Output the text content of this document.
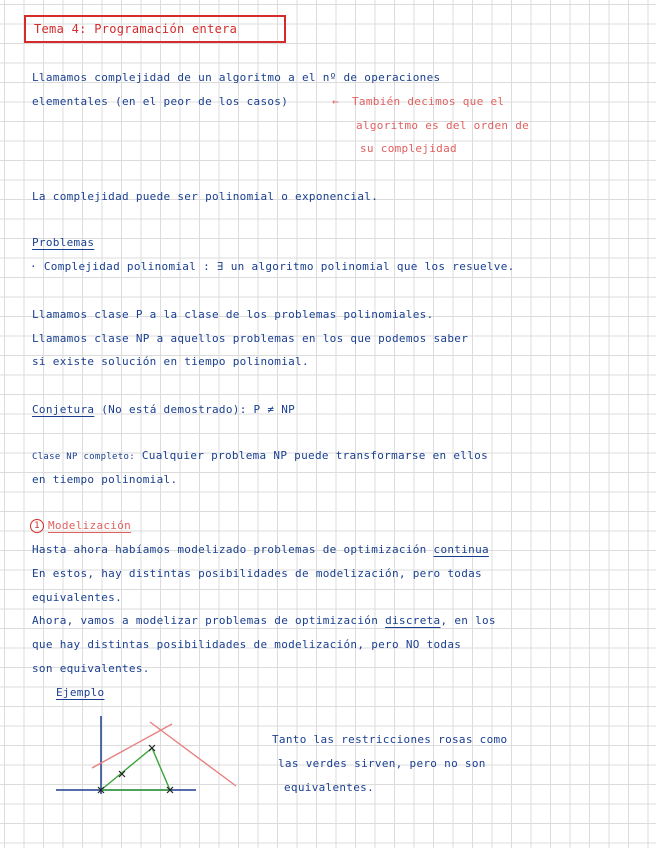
Tema 4: Programación entera
Llamamos complejidad de un algoritmo a el nº de operaciones
elementales (en el peor de los casos)	← También decimos que el
algoritmo es del orden de
su complejidad
La complejidad puede ser polinomial o exponencial.
Problemas
· Complejidad polinomial : ∃ un algoritmo polinomial que los resuelve.
Llamamos clase P a la clase de los problemas polinomiales.
Llamamos clase NP a aquellos problemas en los que podemos saber
si existe solución en tiempo polinomial.
Conjetura (No está demostrado): P ≠ NP
Clase NP completo: Cualquier problema NP puede transformarse en ellos
en tiempo polinomial.
1 Modelización
Hasta ahora habíamos modelizado problemas de optimización continua
En estos, hay distintas posibilidades de modelización, pero todas
equivalentes.
Ahora, vamos a modelizar problemas de optimización discreta, en los
que hay distintas posibilidades de modelización, pero NO todas
son equivalentes.
Ejemplo
Tanto las restricciones rosas como
las verdes sirven, pero no son
equivalentes.
